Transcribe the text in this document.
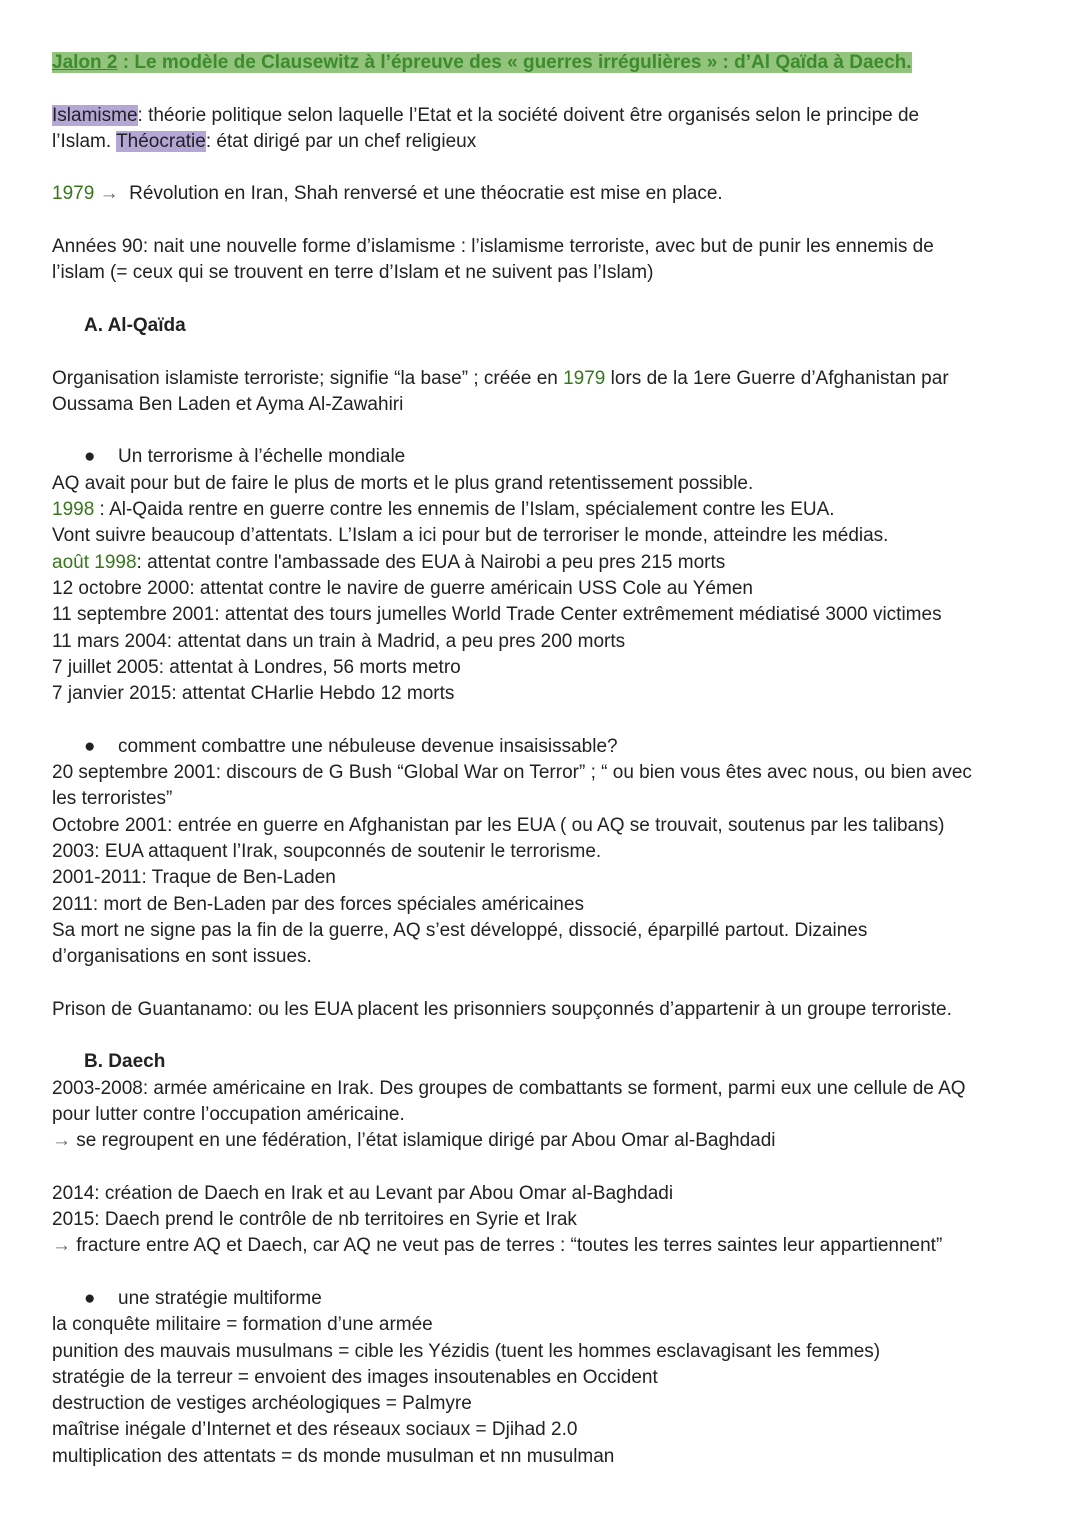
Jalon 2 : Le modèle de Clausewitz à l’épreuve des « guerres irrégulières » : d’Al Qaïda à Daech.

Islamisme: théorie politique selon laquelle l’Etat et la société doivent être organisés selon le principe de

l’Islam. Théocratie: état dirigé par un chef religieux

1979 → Révolution en Iran, Shah renversé et une théocratie est mise en place.

Années 90: nait une nouvelle forme d’islamisme : l’islamisme terroriste, avec but de punir les ennemis de

l’islam (= ceux qui se trouvent en terre d’Islam et ne suivent pas l’Islam)

A. Al-Qaïda

Organisation islamiste terroriste; signifie “la base” ; créée en 1979 lors de la 1ere Guerre d’Afghanistan par

Oussama Ben Laden et Ayma Al-Zawahiri

● Un terrorisme à l’échelle mondiale

AQ avait pour but de faire le plus de morts et le plus grand retentissement possible.

1998 : Al-Qaida rentre en guerre contre les ennemis de l’Islam, spécialement contre les EUA.

Vont suivre beaucoup d’attentats. L’Islam a ici pour but de terroriser le monde, atteindre les médias.

août 1998: attentat contre l'ambassade des EUA à Nairobi a peu pres 215 morts

12 octobre 2000: attentat contre le navire de guerre américain USS Cole au Yémen

11 septembre 2001: attentat des tours jumelles World Trade Center extrêmement médiatisé 3000 victimes

11 mars 2004: attentat dans un train à Madrid, a peu pres 200 morts

7 juillet 2005: attentat à Londres, 56 morts metro

7 janvier 2015: attentat CHarlie Hebdo 12 morts

● comment combattre une nébuleuse devenue insaisissable?

20 septembre 2001: discours de G Bush “Global War on Terror” ; “ ou bien vous êtes avec nous, ou bien avec

les terroristes”

Octobre 2001: entrée en guerre en Afghanistan par les EUA ( ou AQ se trouvait, soutenus par les talibans)

2003: EUA attaquent l’Irak, soupconnés de soutenir le terrorisme.

2001-2011: Traque de Ben-Laden

2011: mort de Ben-Laden par des forces spéciales américaines

Sa mort ne signe pas la fin de la guerre, AQ s’est développé, dissocié, éparpillé partout. Dizaines

d’organisations en sont issues.

Prison de Guantanamo: ou les EUA placent les prisonniers soupçonnés d’appartenir à un groupe terroriste.

B. Daech

2003-2008: armée américaine en Irak. Des groupes de combattants se forment, parmi eux une cellule de AQ

pour lutter contre l’occupation américaine.

→ se regroupent en une fédération, l’état islamique dirigé par Abou Omar al-Baghdadi

2014: création de Daech en Irak et au Levant par Abou Omar al-Baghdadi

2015: Daech prend le contrôle de nb territoires en Syrie et Irak

→ fracture entre AQ et Daech, car AQ ne veut pas de terres : “toutes les terres saintes leur appartiennent”

● une stratégie multiforme

la conquête militaire = formation d’une armée

punition des mauvais musulmans = cible les Yézidis (tuent les hommes esclavagisant les femmes)

stratégie de la terreur = envoient des images insoutenables en Occident

destruction de vestiges archéologiques = Palmyre

maîtrise inégale d’Internet et des réseaux sociaux = Djihad 2.0

multiplication des attentats = ds monde musulman et nn musulman
